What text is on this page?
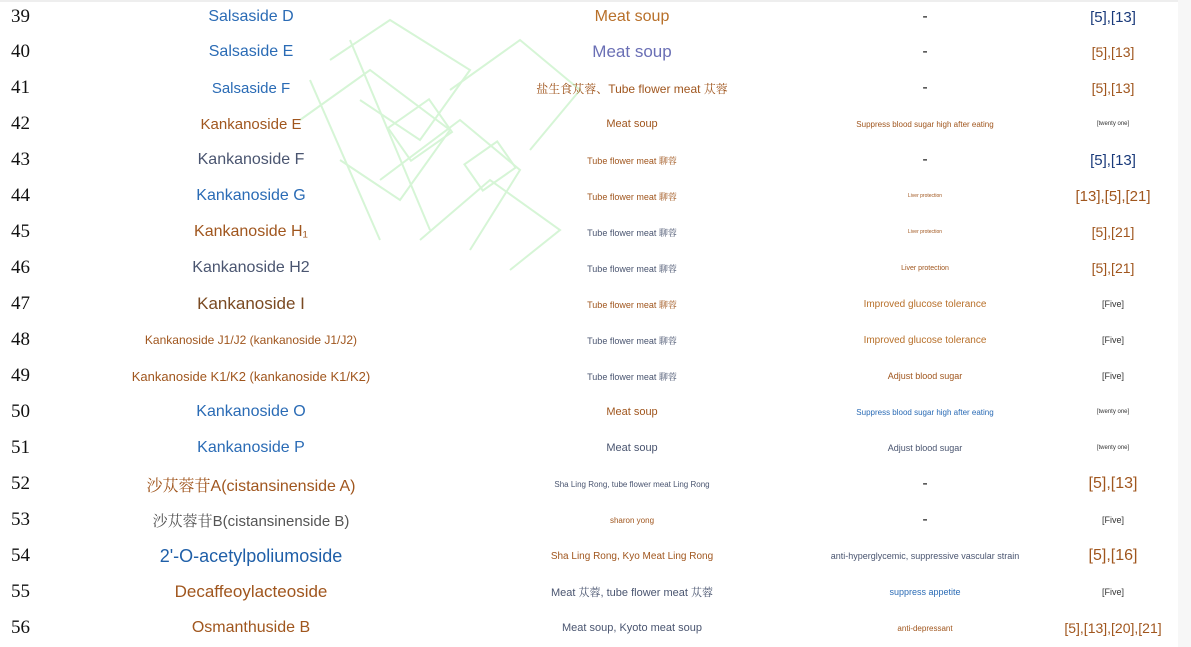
39	Salsaside D	Meat soup	-	[5],[13]
40	Salsaside E	Meat soup	-	[5],[13]
41	Salsaside F	盐生食苁蓉、Tube flower meat 苁蓉	-	[5],[13]
42	Kankanoside E	Meat soup	Suppress blood sugar high after eating	[twenty one]
43	Kankanoside F	Tube flower meat 聊蓉	-	[5],[13]
44	Kankanoside G	Tube flower meat 聊蓉	Liver protection	[13],[5],[21]
45	Kankanoside H₁	Tube flower meat 聊蓉	Liver protection	[5],[21]
46	Kankanoside H2	Tube flower meat 聊蓉	Liver protection	[5],[21]
47	Kankanoside I	Tube flower meat 聊蓉	Improved glucose tolerance	[Five]
48	Kankanoside J1/J2 (kankanoside J1/J2)	Tube flower meat 聊蓉	Improved glucose tolerance	[Five]
49	Kankanoside K1/K2 (kankanoside K1/K2)	Tube flower meat 聊蓉	Adjust blood sugar	[Five]
50	Kankanoside O	Meat soup	Suppress blood sugar high after eating	[twenty one]
51	Kankanoside P	Meat soup	Adjust blood sugar	[twenty one]
52	沙苁蓉苷A(cistansinenside A)	Sha Ling Rong, tube flower meat Ling Rong	-	[5],[13]
53	沙苁蓉苷B(cistansinenside B)	sharon yong	-	[Five]
54	2'-O-acetylpoliumoside	Sha Ling Rong, Kyo Meat Ling Rong	anti-hyperglycemic, suppressive vascular strain	[5],[16]
55	Decaffeoylacteoside	Meat 苁蓉, tube flower meat 苁蓉	suppress appetite	[Five]
56	Osmanthuside B	Meat soup, Kyoto meat soup	anti-depressant	[5],[13],[20],[21]
